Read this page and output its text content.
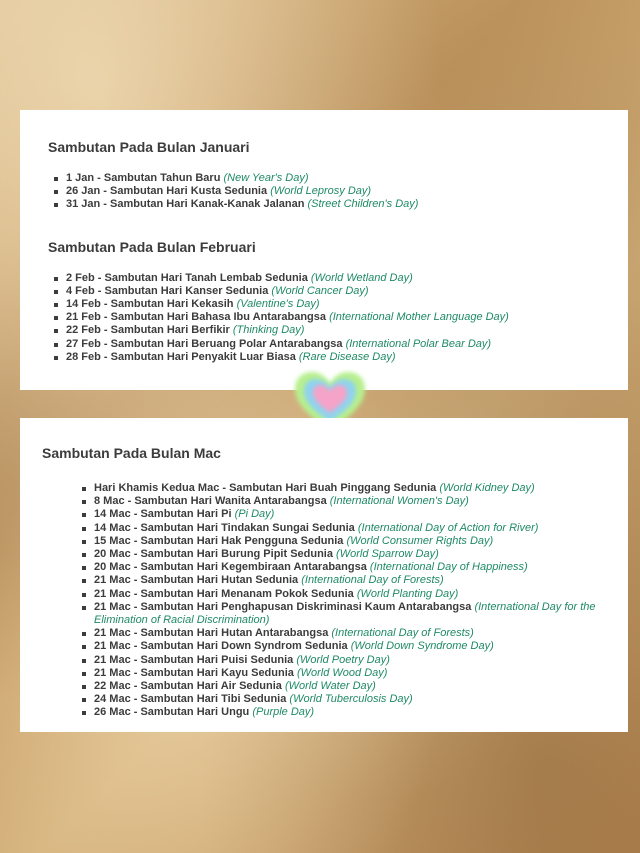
Sambutan Pada Bulan Januari
1 Jan - Sambutan Tahun Baru (New Year's Day)
26 Jan - Sambutan Hari Kusta Sedunia (World Leprosy Day)
31 Jan - Sambutan Hari Kanak-Kanak Jalanan (Street Children's Day)
Sambutan Pada Bulan Februari
2 Feb - Sambutan Hari Tanah Lembab Sedunia (World Wetland Day)
4 Feb - Sambutan Hari Kanser Sedunia (World Cancer Day)
14 Feb - Sambutan Hari Kekasih (Valentine's Day)
21 Feb - Sambutan Hari Bahasa Ibu Antarabangsa (International Mother Language Day)
22 Feb - Sambutan Hari Berfikir (Thinking Day)
27 Feb - Sambutan Hari Beruang Polar Antarabangsa (International Polar Bear Day)
28 Feb - Sambutan Hari Penyakit Luar Biasa (Rare Disease Day)
Sambutan Pada Bulan Mac
Hari Khamis Kedua Mac - Sambutan Hari Buah Pinggang Sedunia (World Kidney Day)
8 Mac - Sambutan Hari Wanita Antarabangsa (International Women's Day)
14 Mac - Sambutan Hari Pi (Pi Day)
14 Mac - Sambutan Hari Tindakan Sungai Sedunia (International Day of Action for River)
15 Mac - Sambutan Hari Hak Pengguna Sedunia (World Consumer Rights Day)
20 Mac - Sambutan Hari Burung Pipit Sedunia (World Sparrow Day)
20 Mac - Sambutan Hari Kegembiraan Antarabangsa (International Day of Happiness)
21 Mac - Sambutan Hari Hutan Sedunia (International Day of Forests)
21 Mac - Sambutan Hari Menanam Pokok Sedunia (World Planting Day)
21 Mac - Sambutan Hari Penghapusan Diskriminasi Kaum Antarabangsa (International Day for the Elimination of Racial Discrimination)
21 Mac - Sambutan Hari Hutan Antarabangsa (International Day of Forests)
21 Mac - Sambutan Hari Down Syndrom Sedunia (World Down Syndrome Day)
21 Mac - Sambutan Hari Puisi Sedunia (World Poetry Day)
21 Mac - Sambutan Hari Kayu Sedunia (World Wood Day)
22 Mac - Sambutan Hari Air Sedunia (World Water Day)
24 Mac - Sambutan Hari Tibi Sedunia (World Tuberculosis Day)
26 Mac - Sambutan Hari Ungu (Purple Day)
